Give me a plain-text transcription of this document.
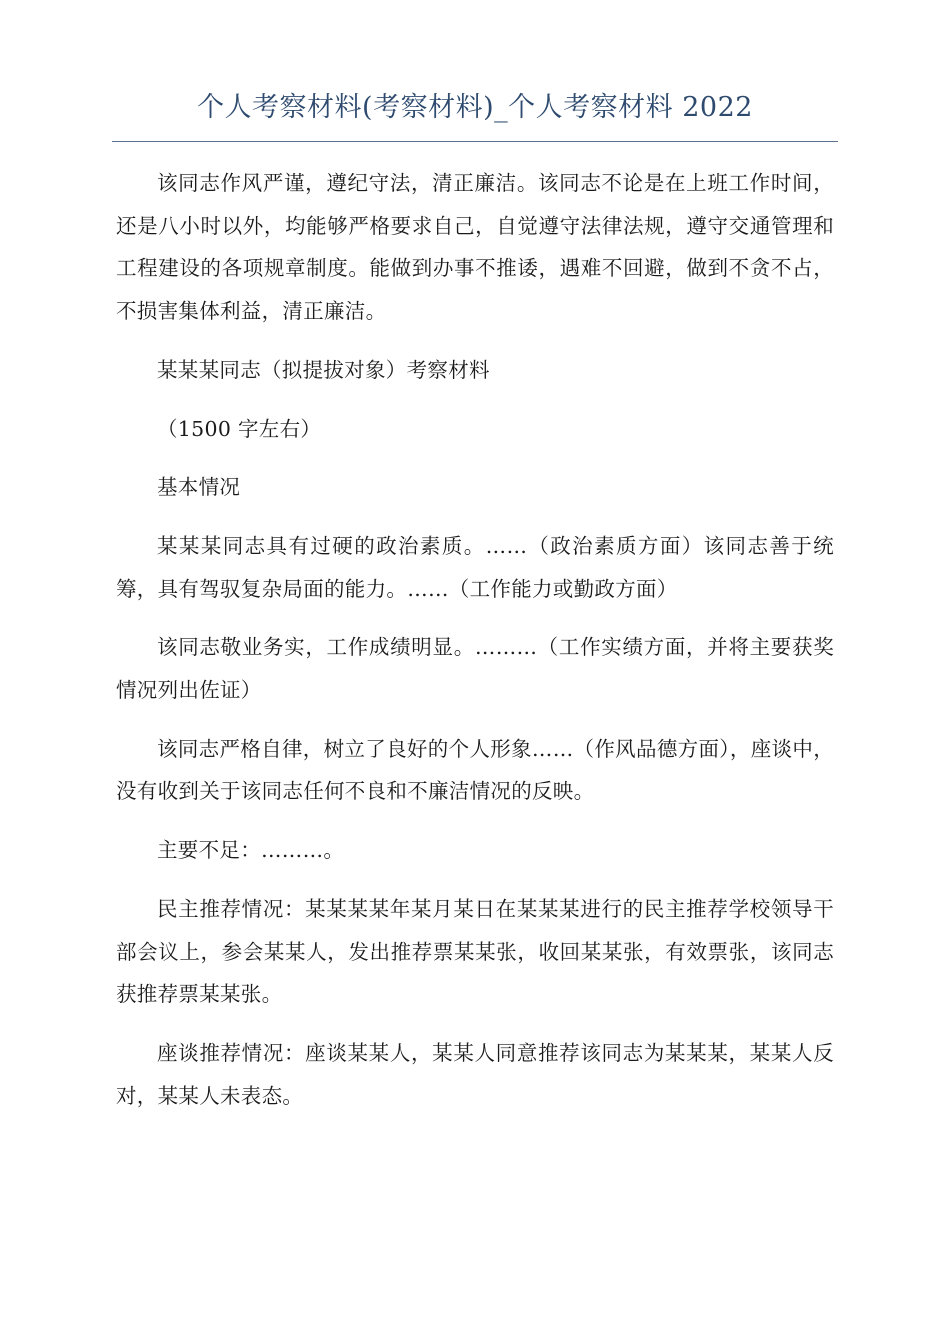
个人考察材料(考察材料)_个人考察材料 2022

该同志作风严谨，遵纪守法，清正廉洁。该同志不论是在上班工作时间，还是八小时以外，均能够严格要求自己，自觉遵守法律法规，遵守交通管理和工程建设的各项规章制度。能做到办事不推诿，遇难不回避，做到不贪不占，不损害集体利益，清正廉洁。

某某某同志（拟提拔对象）考察材料

（1500 字左右）

基本情况

某某某同志具有过硬的政治素质。……（政治素质方面）该同志善于统筹，具有驾驭复杂局面的能力。……（工作能力或勤政方面）

该同志敬业务实，工作成绩明显。………（工作实绩方面，并将主要获奖情况列出佐证）

该同志严格自律，树立了良好的个人形象……（作风品德方面），座谈中，没有收到关于该同志任何不良和不廉洁情况的反映。

主要不足：………。

民主推荐情况：某某某某年某月某日在某某某进行的民主推荐学校领导干部会议上，参会某某人，发出推荐票某某张，收回某某张，有效票张，该同志获推荐票某某张。

座谈推荐情况：座谈某某人，某某人同意推荐该同志为某某某，某某人反对，某某人未表态。
